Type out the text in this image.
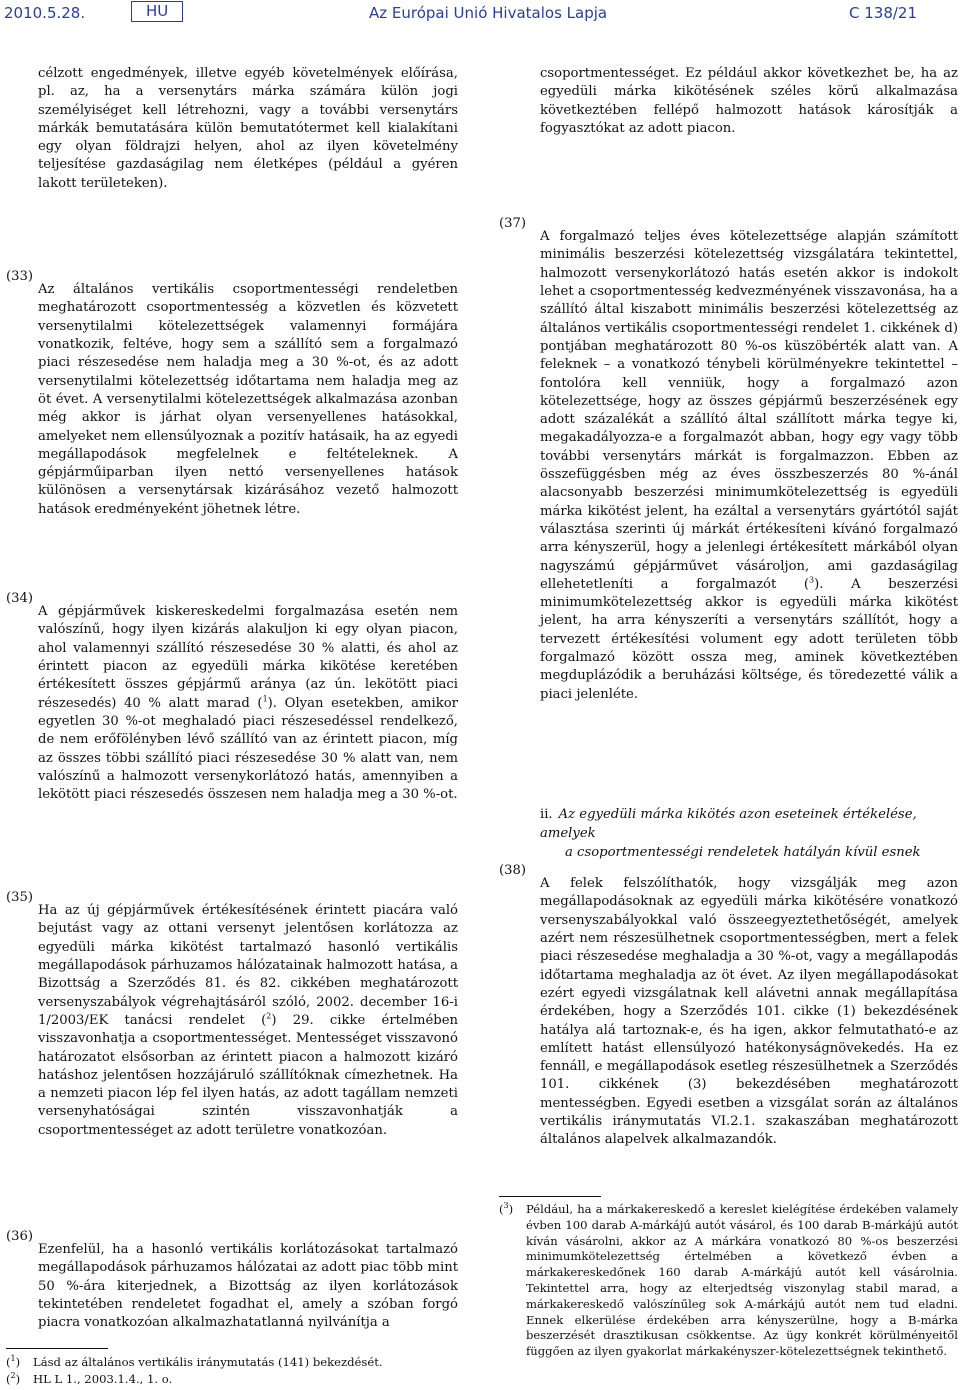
2010.5.28.	HU	Az Európai Unió Hivatalos Lapja	C 138/21

célzott engedmények, illetve egyéb követelmények előírása, pl. az, ha a versenytárs márka számára külön jogi személyiséget kell létrehozni, vagy a további versenytárs márkák bemutatására külön bemutatótermet kell kialakítani egy olyan földrajzi helyen, ahol az ilyen követelmény teljesítése gazdaságilag nem életképes (például a gyéren lakott területeken).

(33)

Az általános vertikális csoportmentességi rendeletben meghatározott csoportmentesség a közvetlen és közvetett versenytilalmi kötelezettségek valamennyi formájára vonatkozik, feltéve, hogy sem a szállító sem a forgalmazó piaci részesedése nem haladja meg a 30 %-ot, és az adott versenytilalmi kötelezettség időtartama nem haladja meg az öt évet. A versenytilalmi kötelezettségek alkalmazása azonban még akkor is járhat olyan versenyellenes hatásokkal, amelyeket nem ellensúlyoznak a pozitív hatásaik, ha az egyedi megállapodások megfelelnek e feltételeknek. A gépjárműiparban ilyen nettó versenyellenes hatások különösen a versenytársak kizárásához vezető halmozott hatások eredményeként jöhetnek létre.

(34)

A gépjárművek kiskereskedelmi forgalmazása esetén nem valószínű, hogy ilyen kizárás alakuljon ki egy olyan piacon, ahol valamennyi szállító részesedése 30 % alatti, és ahol az érintett piacon az egyedüli márka kikötése keretében értékesített összes gépjármű aránya (az ún. lekötött piaci részesedés) 40 % alatt marad ($^1$). Olyan esetekben, amikor egyetlen 30 %-ot meghaladó piaci részesedéssel rendelkező, de nem erőfölényben lévő szállító van az érintett piacon, míg az összes többi szállító piaci részesedése 30 % alatt van, nem valószínű a halmozott versenykorlátozó hatás, amennyiben a lekötött piaci részesedés összesen nem haladja meg a 30 %-ot.

(35)

Ha az új gépjárművek értékesítésének érintett piacára való bejutást vagy az ottani versenyt jelentősen korlátozza az egyedüli márka kikötést tartalmazó hasonló vertikális megállapodások párhuzamos hálózatainak halmozott hatása, a Bizottság a Szerződés 81. és 82. cikkében meghatározott versenyszabályok végrehajtásáról szóló, 2002. december 16-i 1/2003/EK tanácsi rendelet ($^2$) 29. cikke értelmében visszavonhatja a csoportmentességet. Mentességet visszavonó határozatot elsősorban az érintett piacon a halmozott kizáró hatáshoz jelentősen hozzájáruló szállítóknak címezhetnek. Ha a nemzeti piacon lép fel ilyen hatás, az adott tagállam nemzeti versenyhatóságai szintén visszavonhatják a csoportmentességet az adott területre vonatkozóan.

(36)

Ezenfelül, ha a hasonló vertikális korlátozásokat tartalmazó megállapodások párhuzamos hálózatai az adott piac több mint 50 %-ára kiterjednek, a Bizottság az ilyen korlátozások tekintetében rendeletet fogadhat el, amely a szóban forgó piacra vonatkozóan alkalmazhatatlanná nyilvánítja a

($^1$) Lásd az általános vertikális iránymutatás (141) bekezdését.
($^2$) HL L 1., 2003.1.4., 1. o.

csoportmentességet. Ez például akkor következhet be, ha az egyedüli márka kikötésének széles körű alkalmazása következtében fellépő halmozott hatások károsítják a fogyasztókat az adott piacon.

(37)

A forgalmazó teljes éves kötelezettsége alapján számított minimális beszerzési kötelezettség vizsgálatára tekintettel, halmozott versenykorlátozó hatás esetén akkor is indokolt lehet a csoportmentesség kedvezményének visszavonása, ha a szállító által kiszabott minimális beszerzési kötelezettség az általános vertikális csoportmentességi rendelet 1. cikkének d) pontjában meghatározott 80 %-os küszöbérték alatt van. A feleknek – a vonatkozó ténybeli körülményekre tekintettel – fontolóra kell venniük, hogy a forgalmazó azon kötelezettsége, hogy az összes gépjármű beszerzésének egy adott százalékát a szállító által szállított márka tegye ki, megakadályozza-e a forgalmazót abban, hogy egy vagy több további versenytárs márkát is forgalmazzon. Ebben az összefüggésben még az éves összbeszerzés 80 %-ánál alacsonyabb beszerzési minimumkötelezettség is egyedüli márka kikötést jelent, ha ezáltal a versenytárs gyártótól saját választása szerinti új márkát értékesíteni kívánó forgalmazó arra kényszerül, hogy a jelenlegi értékesített márkából olyan nagyszámú gépjárművet vásároljon, ami gazdaságilag ellehetetleníti a forgalmazót ($^3$). A beszerzési minimumkötelezettség akkor is egyedüli márka kikötést jelent, ha arra kényszeríti a versenytárs szállítót, hogy a tervezett értékesítési volument egy adott területen több forgalmazó között ossza meg, aminek következtében megduplázódik a beruházási költsége, és töredezetté válik a piaci jelenléte.

ii. Az egyedüli márka kikötés azon eseteinek értékelése, amelyek
a csoportmentességi rendeletek hatályán kívül esnek
(38)

A felek felszólíthatók, hogy vizsgálják meg azon megállapodásoknak az egyedüli márka kikötésére vonatkozó versenyszabályokkal való összeegyeztethetőségét, amelyek azért nem részesülhetnek csoportmentességben, mert a felek piaci részesedése meghaladja a 30 %-ot, vagy a megállapodás időtartama meghaladja az öt évet. Az ilyen megállapodásokat ezért egyedi vizsgálatnak kell alávetni annak megállapítása érdekében, hogy a Szerződés 101. cikke (1) bekezdésének hatálya alá tartoznak-e, és ha igen, akkor felmutatható-e az említett hatást ellensúlyozó hatékonyságnövekedés. Ha ez fennáll, e megállapodások esetleg részesülhetnek a Szerződés 101. cikkének (3) bekezdésében meghatározott mentességben. Egyedi esetben a vizsgálat során az általános vertikális iránymutatás VI.2.1. szakaszában meghatározott általános alapelvek alkalmazandók.

($^3$) Például, ha a márkakereskedő a kereslet kielégítése érdekében valamely évben 100 darab A-márkájú autót vásárol, és 100 darab B-márkájú autót kíván vásárolni, akkor az A márkára vonatkozó 80 %-os beszerzési minimumkötelezettség értelmében a következő évben a márkakereskedőnek 160 darab A-márkájú autót kell vásárolnia. Tekintettel arra, hogy az elterjedtség viszonylag stabil marad, a márkakereskedő valószínűleg sok A-márkájú autót nem tud eladni. Ennek elkerülése érdekében arra kényszerülne, hogy a B-márka beszerzését drasztikusan csökkentse. Az ügy konkrét körülményeitől függően az ilyen gyakorlat márkakényszer-kötelezettségnek tekinthető.
